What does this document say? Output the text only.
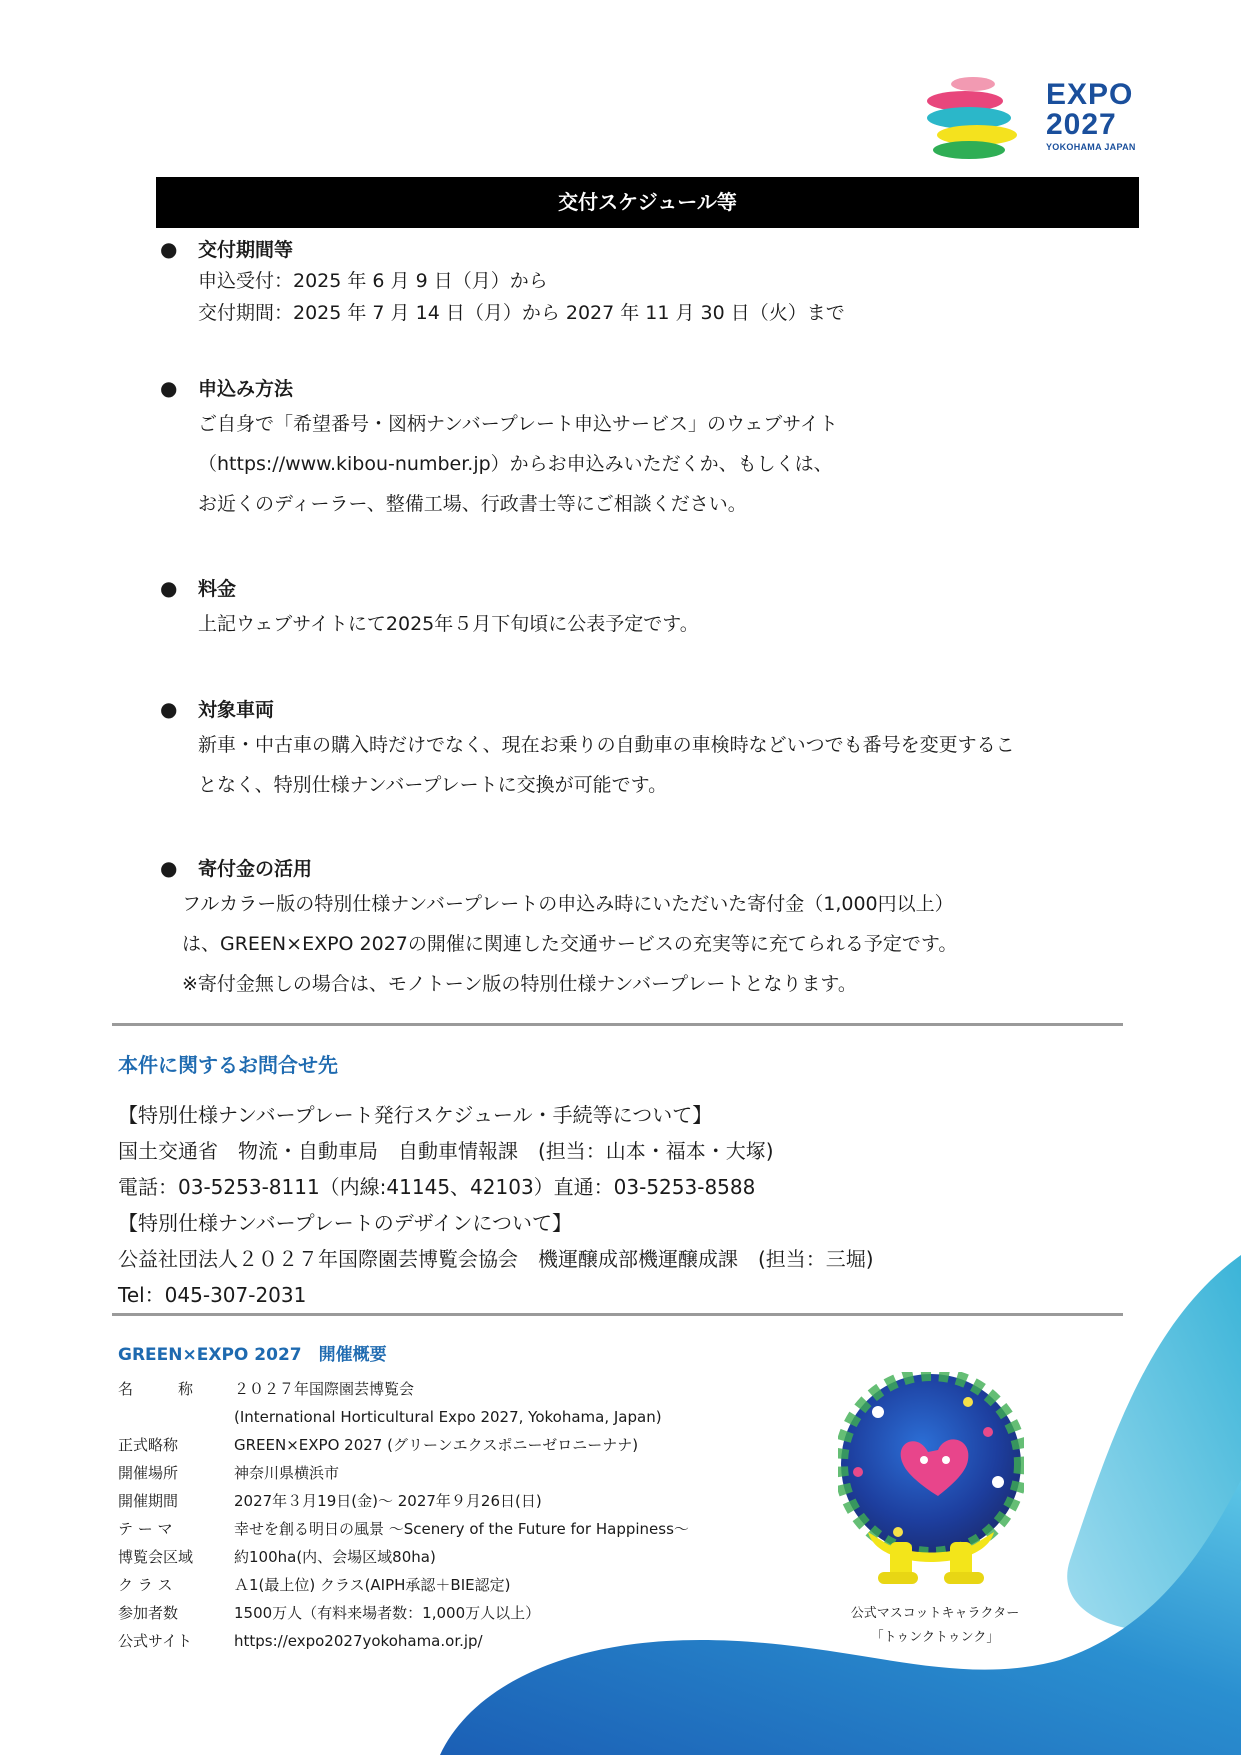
EXPO
2027
YOKOHAMA JAPAN
交付スケジュール等
● 交付期間等
申込受付：2025 年 6 月 9 日（月）から
交付期間：2025 年 7 月 14 日（月）から 2027 年 11 月 30 日（火）まで
● 申込み方法
ご自身で「希望番号・図柄ナンバープレート申込サービス」のウェブサイト
（https://www.kibou-number.jp）からお申込みいただくか、もしくは、
お近くのディーラー、整備工場、行政書士等にご相談ください。
● 料金
上記ウェブサイトにて2025年５月下旬頃に公表予定です。
● 対象車両
新車・中古車の購入時だけでなく、現在お乗りの自動車の車検時などいつでも番号を変更するこ
となく、特別仕様ナンバープレートに交換が可能です。
● 寄付金の活用
フルカラー版の特別仕様ナンバープレートの申込み時にいただいた寄付金（1,000円以上）
は、GREEN×EXPO 2027の開催に関連した交通サービスの充実等に充てられる予定です。
※寄付金無しの場合は、モノトーン版の特別仕様ナンバープレートとなります。
本件に関するお問合せ先
【特別仕様ナンバープレート発行スケジュール・手続等について】
国土交通省　物流・自動車局　自動車情報課　(担当：山本・福本・大塚)
電話：03-5253-8111（内線:41145、42103）直通：03-5253-8588
【特別仕様ナンバープレートのデザインについて】
公益社団法人２０２７年国際園芸博覧会協会　機運醸成部機運醸成課　(担当：三堀)
Tel：045-307-2031
GREEN×EXPO 2027　開催概要
名　　　称	２０２７年国際園芸博覧会
(International Horticultural Expo 2027, Yokohama, Japan)
正式略称	GREEN×EXPO 2027 (グリーンエクスポニーゼロニーナナ)
開催場所	神奈川県横浜市
開催期間	2027年３月19日(金)～ 2027年９月26日(日)
テ ー マ	幸せを創る明日の風景 ～Scenery of the Future for Happiness～
博覧会区域	約100ha(内、会場区域80ha)
ク ラ ス	Ａ1(最上位) クラス(AIPH承認＋BIE認定)
参加者数	1500万人（有料来場者数：1,000万人以上）
公式サイト	https://expo2027yokohama.or.jp/
公式マスコットキャラクター
「トゥンクトゥンク」
